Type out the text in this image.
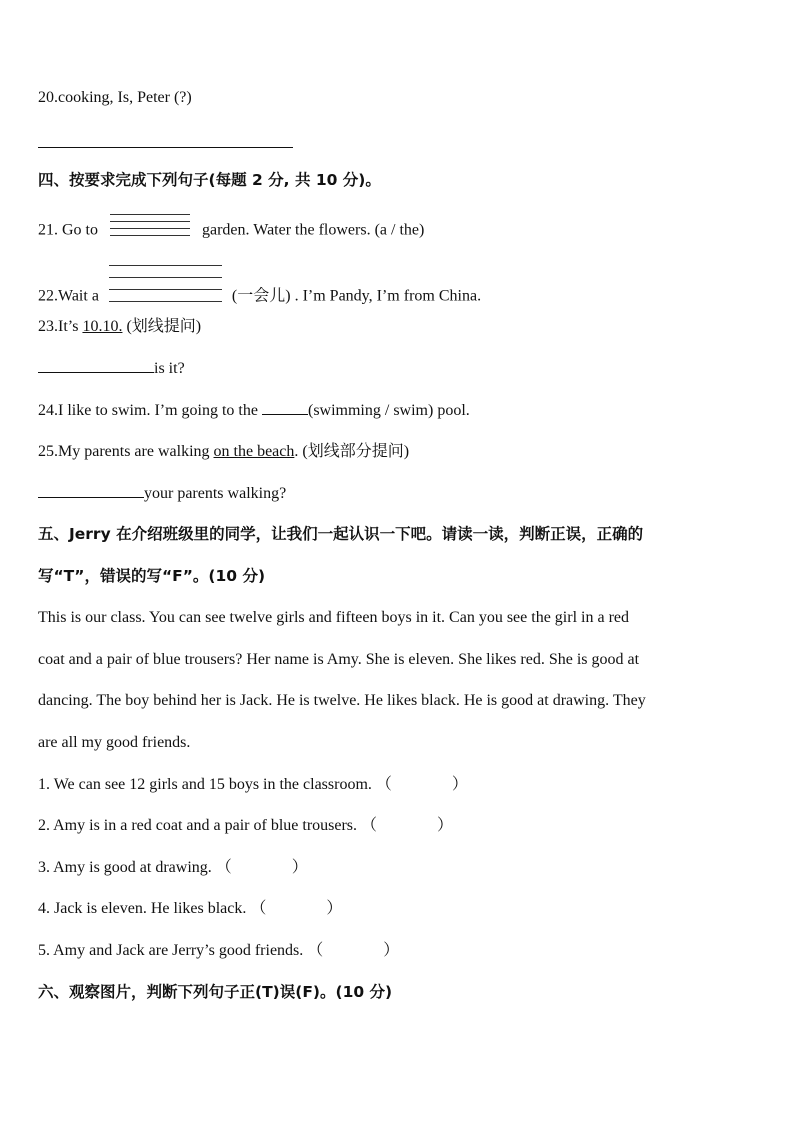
20.cooking, Is, Peter (?)
四、按要求完成下列句子(每题 2 分, 共 10 分)。
21. Go to	garden. Water the flowers. (a / the)
22.Wait a	(一会儿) . I’m Pandy, I’m from China.
23.It’s 10.10. (划线提问)
is it?
24.I like to swim. I’m going to the	(swimming / swim) pool.
25.My parents are walking on the beach. (划线部分提问)
your parents walking?
五、Jerry 在介绍班级里的同学，让我们一起认识一下吧。请读一读，判断正误，正确的
写“T”，错误的写“F”。(10 分)
This is our class. You can see twelve girls and fifteen boys in it. Can you see the girl in a red
coat and a pair of blue trousers? Her name is Amy. She is eleven. She likes red. She is good at
dancing. The boy behind her is Jack. He is twelve. He likes black. He is good at drawing. They
are all my good friends.
1. We can see 12 girls and 15 boys in the classroom. （	）
2. Amy is in a red coat and a pair of blue trousers. （	）
3. Amy is good at drawing. （	）
4. Jack is eleven. He likes black. （	）
5. Amy and Jack are Jerry’s good friends. （	）
六、观察图片，判断下列句子正(T)误(F)。(10 分)
